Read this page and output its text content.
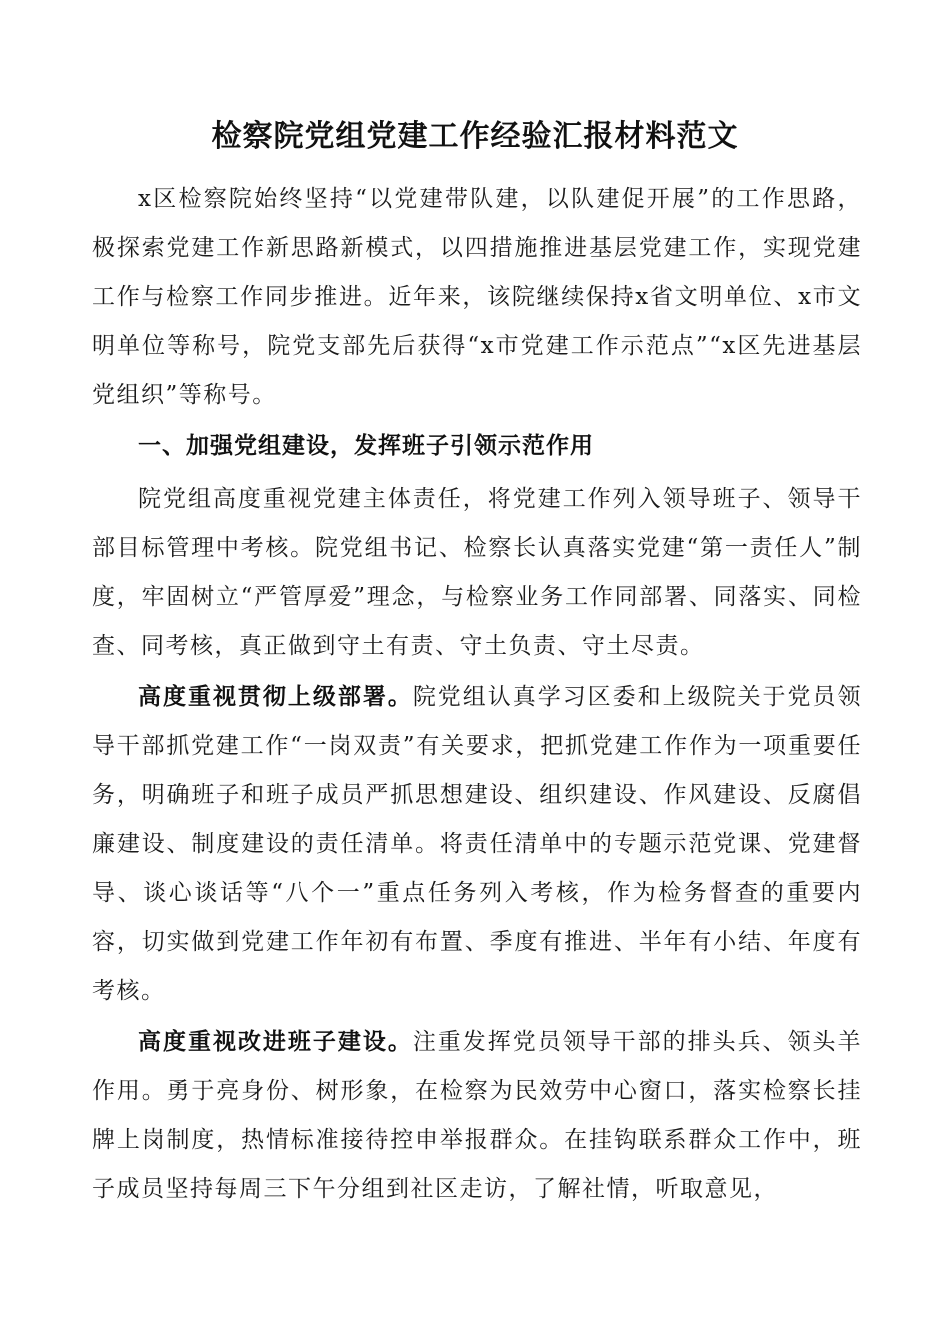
检察院党组党建工作经验汇报材料范文

x区检察院始终坚持“以党建带队建，以队建促开展”的工作思路，极探索党建工作新思路新模式，以四措施推进基层党建工作，实现党建工作与检察工作同步推进。近年来，该院继续保持x省文明单位、x市文明单位等称号，院党支部先后获得“x市党建工作示范点”“x区先进基层党组织”等称号。

一、加强党组建设，发挥班子引领示范作用

院党组高度重视党建主体责任，将党建工作列入领导班子、领导干部目标管理中考核。院党组书记、检察长认真落实党建“第一责任人”制度，牢固树立“严管厚爱”理念，与检察业务工作同部署、同落实、同检查、同考核，真正做到守土有责、守土负责、守土尽责。

高度重视贯彻上级部署。院党组认真学习区委和上级院关于党员领导干部抓党建工作“一岗双责”有关要求，把抓党建工作作为一项重要任务，明确班子和班子成员严抓思想建设、组织建设、作风建设、反腐倡廉建设、制度建设的责任清单。将责任清单中的专题示范党课、党建督导、谈心谈话等“八个一”重点任务列入考核，作为检务督查的重要内容，切实做到党建工作年初有布置、季度有推进、半年有小结、年度有考核。

高度重视改进班子建设。注重发挥党员领导干部的排头兵、领头羊作用。勇于亮身份、树形象，在检察为民效劳中心窗口，落实检察长挂牌上岗制度，热情标准接待控申举报群众。在挂钩联系群众工作中，班子成员坚持每周三下午分组到社区走访，了解社情，听取意见，
